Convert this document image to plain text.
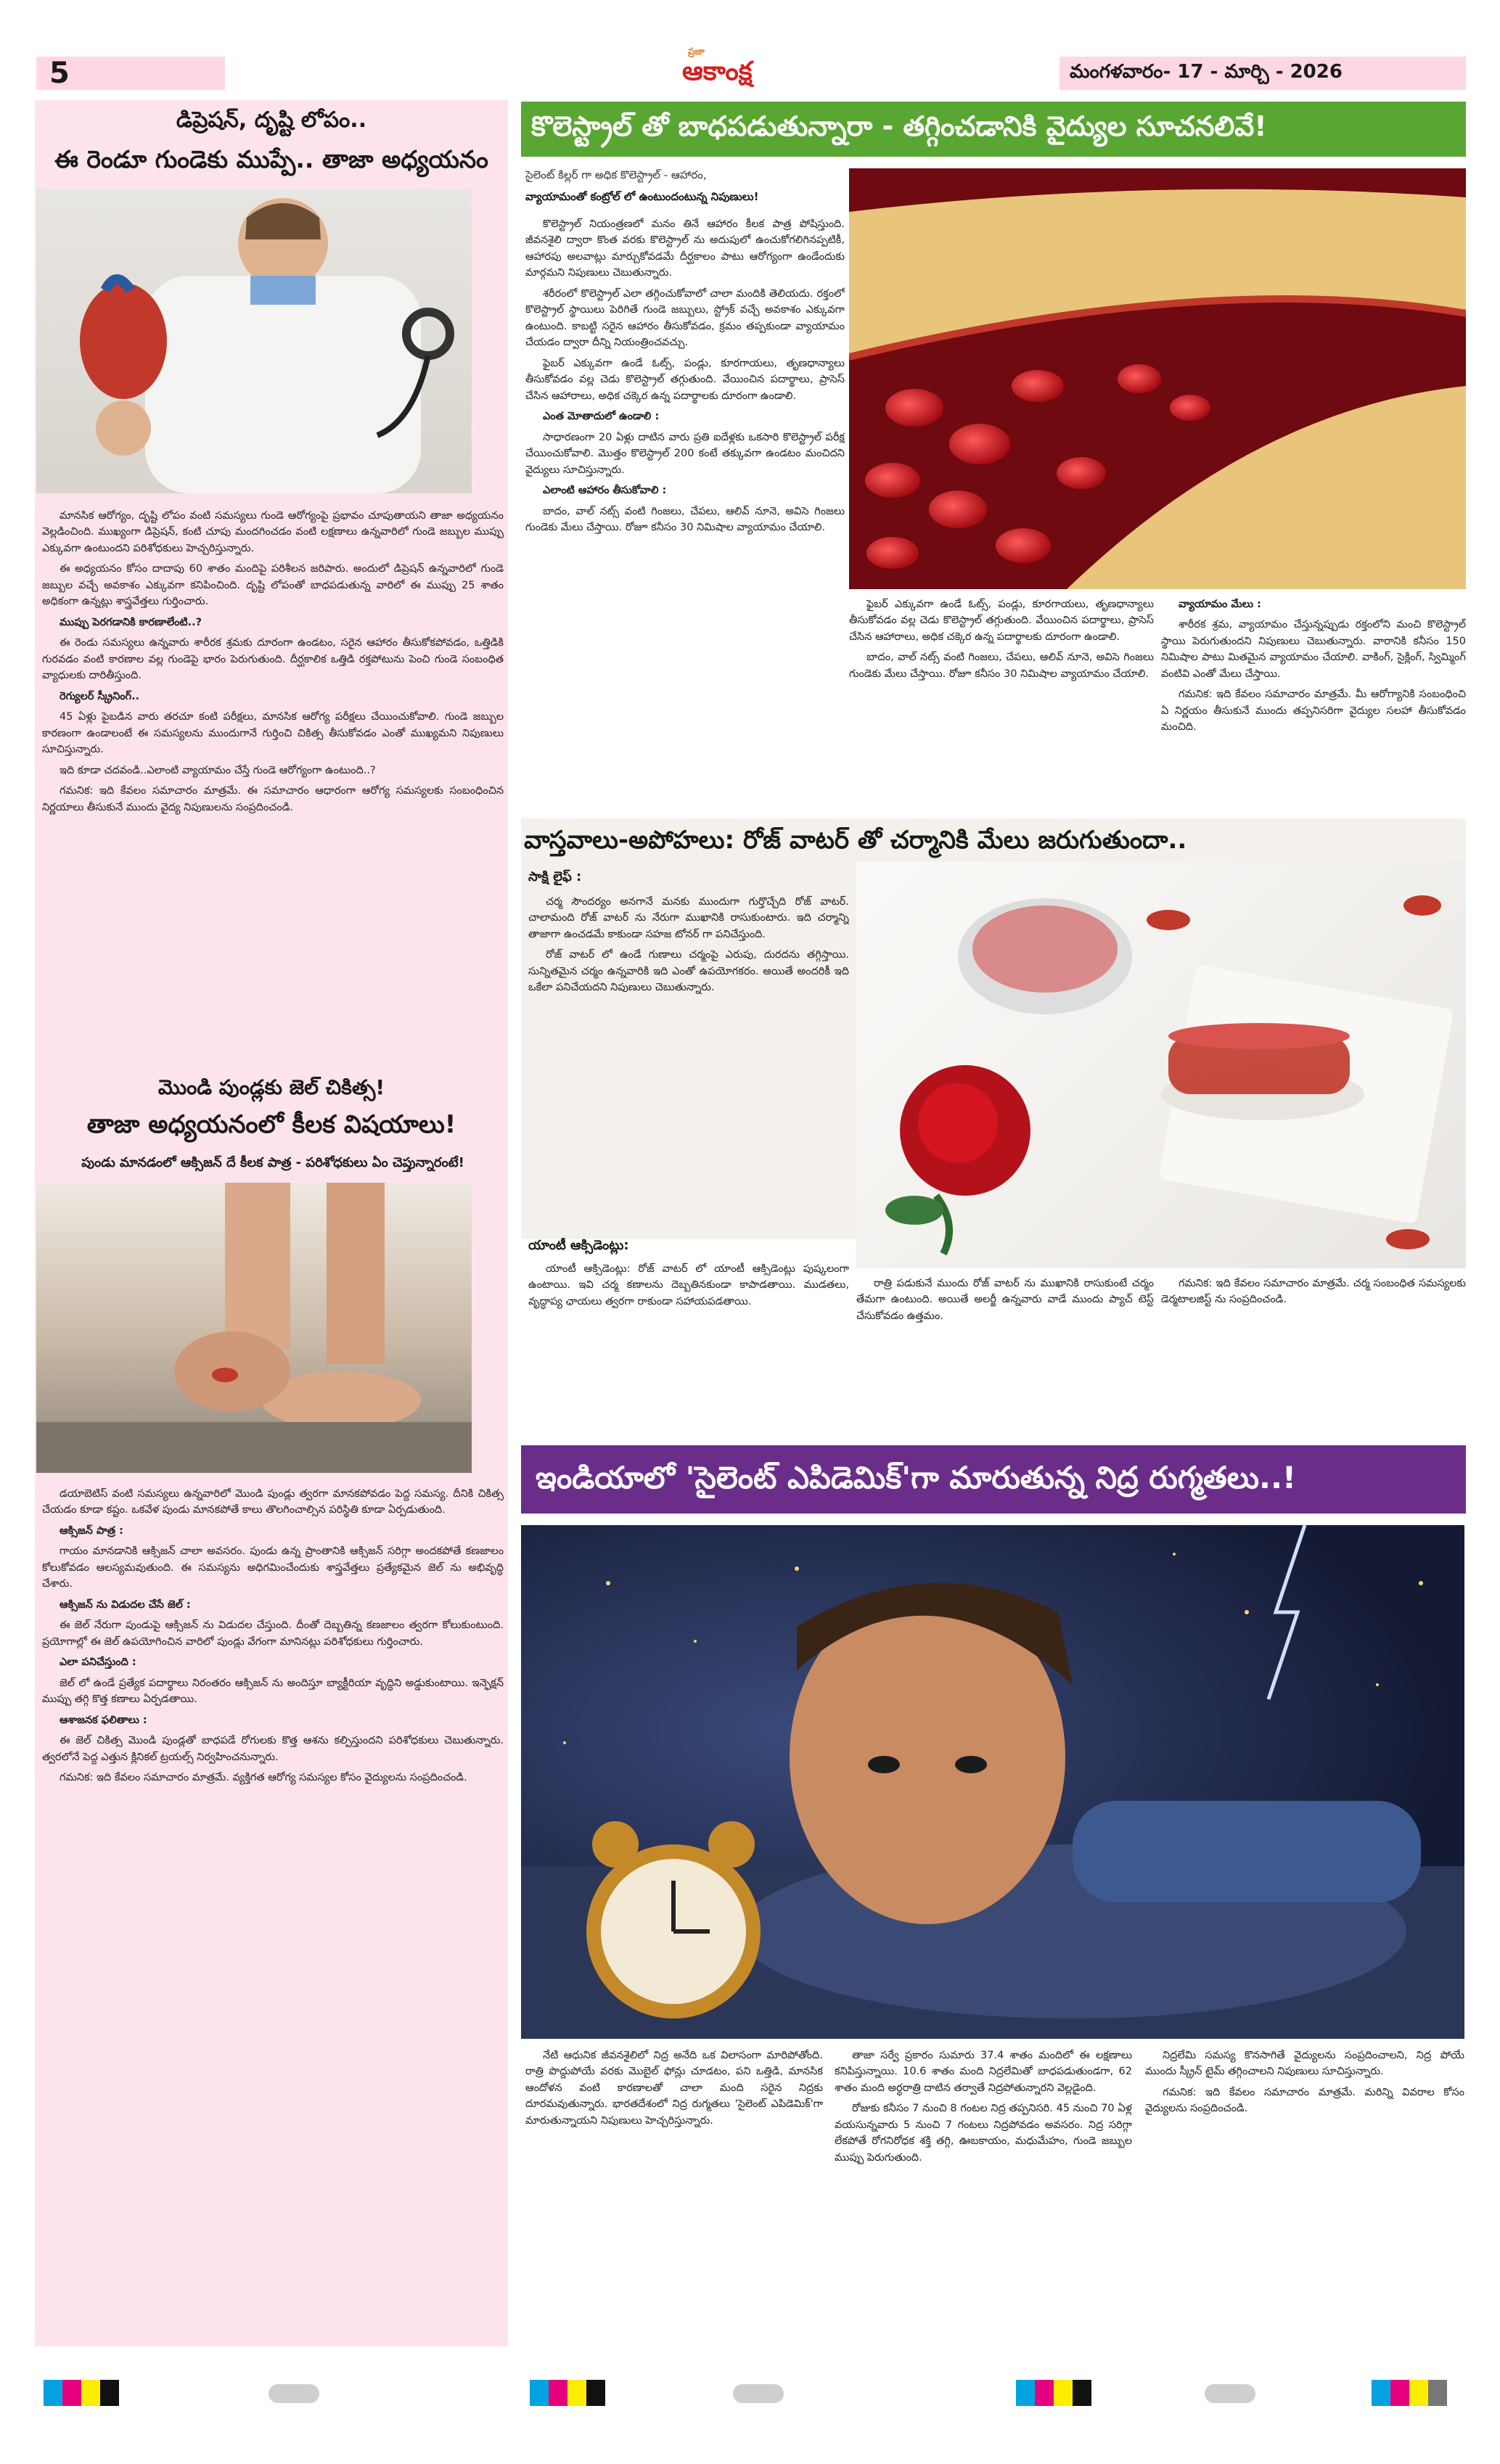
5
ప్రజా
ఆకాంక్ష	మంగళవారం- 17 - మార్చి - 2026
డిప్రెషన్, దృష్టి లోపం..
ఈ రెండూ గుండెకు ముప్పే.. తాజా అధ్యయనం

మానసిక ఆరోగ్యం, దృష్టి లోపం వంటి సమస్యలు గుండె ఆరోగ్యంపై ప్రభావం చూపుతాయని తాజా అధ్యయనం వెల్లడించింది. ముఖ్యంగా డిప్రెషన్, కంటి చూపు మందగించడం వంటి లక్షణాలు ఉన్నవారిలో గుండె జబ్బుల ముప్పు ఎక్కువగా ఉంటుందని పరిశోధకులు హెచ్చరిస్తున్నారు.

ఈ అధ్యయనం కోసం దాదాపు 60 శాతం మందిపై పరిశీలన జరిపారు. అందులో డిప్రెషన్ ఉన్నవారిలో గుండె జబ్బుల వచ్చే అవకాశం ఎక్కువగా కనిపించింది. దృష్టి లోపంతో బాధపడుతున్న వారిలో ఈ ముప్పు 25 శాతం అధికంగా ఉన్నట్లు శాస్త్రవేత్తలు గుర్తించారు.

ముప్పు పెరగడానికి కారణాలేంటి..?

ఈ రెండు సమస్యలు ఉన్నవారు శారీరక శ్రమకు దూరంగా ఉండటం, సరైన ఆహారం తీసుకోకపోవడం, ఒత్తిడికి గురవడం వంటి కారణాల వల్ల గుండెపై భారం పెరుగుతుంది. దీర్ఘకాలిక ఒత్తిడి రక్తపోటును పెంచి గుండె సంబంధిత వ్యాధులకు దారితీస్తుంది.

రెగ్యులర్ స్క్రీనింగ్..

45 ఏళ్లు పైబడిన వారు తరచూ కంటి పరీక్షలు, మానసిక ఆరోగ్య పరీక్షలు చేయించుకోవాలి. గుండె జబ్బుల కారణంగా ఉండాలంటే ఈ సమస్యలను ముందుగానే గుర్తించి చికిత్స తీసుకోవడం ఎంతో ముఖ్యమని నిపుణులు సూచిస్తున్నారు.

ఇది కూడా చదవండి..ఎలాంటి వ్యాయామం చేస్తే గుండె ఆరోగ్యంగా ఉంటుంది..?

గమనిక: ఇది కేవలం సమాచారం మాత్రమే. ఈ సమాచారం ఆధారంగా ఆరోగ్య సమస్యలకు సంబంధించిన నిర్ణయాలు తీసుకునే ముందు వైద్య నిపుణులను సంప్రదించండి.

మొండి పుండ్లకు జెల్ చికిత్స!
తాజా అధ్యయనంలో కీలక విషయాలు!
పుండు మానడంలో ఆక్సిజన్ దే కీలక పాత్ర - పరిశోధకులు ఏం చెప్తున్నారంటే!

డయాబెటిస్ వంటి సమస్యలు ఉన్నవారిలో మొండి పుండ్లు త్వరగా మానకపోవడం పెద్ద సమస్య. దీనికి చికిత్స చేయడం కూడా కష్టం. ఒకవేళ పుండు మానకపోతే కాలు తొలగించాల్సిన పరిస్థితి కూడా ఏర్పడుతుంది.

ఆక్సిజన్ పాత్ర :

గాయం మానడానికి ఆక్సిజన్ చాలా అవసరం. పుండు ఉన్న ప్రాంతానికి ఆక్సిజన్ సరిగ్గా అందకపోతే కణజాలం కోలుకోవడం ఆలస్యమవుతుంది. ఈ సమస్యను అధిగమించేందుకు శాస్త్రవేత్తలు ప్రత్యేకమైన జెల్ ను అభివృద్ధి చేశారు.

ఆక్సిజన్ ను విడుదల చేసే జెల్ :

ఈ జెల్ నేరుగా పుండుపై ఆక్సిజన్ ను విడుదల చేస్తుంది. దీంతో దెబ్బతిన్న కణజాలం త్వరగా కోలుకుంటుంది. ప్రయోగాల్లో ఈ జెల్ ఉపయోగించిన వారిలో పుండ్లు వేగంగా మానినట్లు పరిశోధకులు గుర్తించారు.

ఎలా పనిచేస్తుంది :

జెల్ లో ఉండే ప్రత్యేక పదార్థాలు నిరంతరం ఆక్సిజన్ ను అందిస్తూ బ్యాక్టీరియా వృద్ధిని అడ్డుకుంటాయి. ఇన్ఫెక్షన్ ముప్పు తగ్గి కొత్త కణాలు ఏర్పడతాయి.

ఆశాజనక ఫలితాలు :

ఈ జెల్ చికిత్స మొండి పుండ్లతో బాధపడే రోగులకు కొత్త ఆశను కల్పిస్తుందని పరిశోధకులు చెబుతున్నారు. త్వరలోనే పెద్ద ఎత్తున క్లినికల్ ట్రయల్స్ నిర్వహించనున్నారు.

గమనిక: ఇది కేవలం సమాచారం మాత్రమే. వ్యక్తిగత ఆరోగ్య సమస్యల కోసం వైద్యులను సంప్రదించండి.

కొలెస్ట్రాల్ తో బాధపడుతున్నారా - తగ్గించడానికి వైద్యుల సూచనలివే!
సైలెంట్ కిల్లర్ గా అధిక కొలెస్ట్రాల్ - ఆహారం,
వ్యాయామంతో కంట్రోల్ లో ఉంటుందంటున్న నిపుణులు!

కొలెస్ట్రాల్ నియంత్రణలో మనం తినే ఆహారం కీలక పాత్ర పోషిస్తుంది. జీవనశైలి ద్వారా కొంత వరకు కొలెస్ట్రాల్ ను అదుపులో ఉంచుకోగలిగినప్పటికీ, ఆహారపు అలవాట్లు మార్చుకోవడమే దీర్ఘకాలం పాటు ఆరోగ్యంగా ఉండేందుకు మార్గమని నిపుణులు చెబుతున్నారు.

శరీరంలో కొలెస్ట్రాల్ ఎలా తగ్గించుకోవాలో చాలా మందికి తెలియదు. రక్తంలో కొలెస్ట్రాల్ స్థాయిలు పెరిగితే గుండె జబ్బులు, స్ట్రోక్ వచ్చే అవకాశం ఎక్కువగా ఉంటుంది. కాబట్టి సరైన ఆహారం తీసుకోవడం, క్రమం తప్పకుండా వ్యాయామం చేయడం ద్వారా దీన్ని నియంత్రించవచ్చు.

ఫైబర్ ఎక్కువగా ఉండే ఓట్స్, పండ్లు, కూరగాయలు, తృణధాన్యాలు తీసుకోవడం వల్ల చెడు కొలెస్ట్రాల్ తగ్గుతుంది. వేయించిన పదార్థాలు, ప్రాసెస్ చేసిన ఆహారాలు, అధిక చక్కెర ఉన్న పదార్థాలకు దూరంగా ఉండాలి.

ఎంత మోతాదులో ఉండాలి :

సాధారణంగా 20 ఏళ్లు దాటిన వారు ప్రతి ఐదేళ్లకు ఒకసారి కొలెస్ట్రాల్ పరీక్ష చేయించుకోవాలి. మొత్తం కొలెస్ట్రాల్ 200 కంటే తక్కువగా ఉండటం మంచిదని వైద్యులు సూచిస్తున్నారు.

ఎలాంటి ఆహారం తీసుకోవాలి :

బాదం, వాల్ నట్స్ వంటి గింజలు, చేపలు, ఆలివ్ నూనె, అవిసె గింజలు గుండెకు మేలు చేస్తాయి. రోజూ కనీసం 30 నిమిషాల వ్యాయామం చేయాలి.

ఫైబర్ ఎక్కువగా ఉండే ఓట్స్, పండ్లు, కూరగాయలు, తృణధాన్యాలు తీసుకోవడం వల్ల చెడు కొలెస్ట్రాల్ తగ్గుతుంది. వేయించిన పదార్థాలు, ప్రాసెస్ చేసిన ఆహారాలు, అధిక చక్కెర ఉన్న పదార్థాలకు దూరంగా ఉండాలి.

బాదం, వాల్ నట్స్ వంటి గింజలు, చేపలు, ఆలివ్ నూనె, అవిసె గింజలు గుండెకు మేలు చేస్తాయి. రోజూ కనీసం 30 నిమిషాల వ్యాయామం చేయాలి.

వ్యాయామం మేలు :

శారీరక శ్రమ, వ్యాయామం చేస్తున్నప్పుడు రక్తంలోని మంచి కొలెస్ట్రాల్ స్థాయి పెరుగుతుందని నిపుణులు చెబుతున్నారు. వారానికి కనీసం 150 నిమిషాల పాటు మితమైన వ్యాయామం చేయాలి. వాకింగ్, సైక్లింగ్, స్విమ్మింగ్ వంటివి ఎంతో మేలు చేస్తాయి.

గమనిక: ఇది కేవలం సమాచారం మాత్రమే. మీ ఆరోగ్యానికి సంబంధించి ఏ నిర్ణయం తీసుకునే ముందు తప్పనిసరిగా వైద్యుల సలహా తీసుకోవడం మంచిది.

వాస్తవాలు-అపోహలు: రోజ్ వాటర్ తో చర్మానికి మేలు జరుగుతుందా..
సాక్షి లైఫ్ :

చర్మ సౌందర్యం అనగానే మనకు ముందుగా గుర్తొచ్చేది రోజ్ వాటర్. చాలామంది రోజ్ వాటర్ ను నేరుగా ముఖానికి రాసుకుంటారు. ఇది చర్మాన్ని తాజాగా ఉంచడమే కాకుండా సహజ టోనర్ గా పనిచేస్తుంది.

రోజ్ వాటర్ లో ఉండే గుణాలు చర్మంపై ఎరుపు, దురదను తగ్గిస్తాయి. సున్నితమైన చర్మం ఉన్నవారికి ఇది ఎంతో ఉపయోగకరం. అయితే అందరికీ ఇది ఒకేలా పనిచేయదని నిపుణులు చెబుతున్నారు.

యాంటీ ఆక్సిడెంట్లు:

యాంటీ ఆక్సిడెంట్లు: రోజ్ వాటర్ లో యాంటీ ఆక్సిడెంట్లు పుష్కలంగా ఉంటాయి. ఇవి చర్మ కణాలను దెబ్బతినకుండా కాపాడతాయి. ముడతలు, వృద్ధాప్య ఛాయలు త్వరగా రాకుండా సహాయపడతాయి.

రాత్రి పడుకునే ముందు రోజ్ వాటర్ ను ముఖానికి రాసుకుంటే చర్మం తేమగా ఉంటుంది. అయితే అలర్జీ ఉన్నవారు వాడే ముందు ప్యాచ్ టెస్ట్ చేసుకోవడం ఉత్తమం.

గమనిక: ఇది కేవలం సమాచారం మాత్రమే. చర్మ సంబంధిత సమస్యలకు డెర్మటాలజిస్ట్ ను సంప్రదించండి.

ఇండియాలో 'సైలెంట్ ఎపిడెమిక్'గా మారుతున్న నిద్ర రుగ్మతలు..!

నేటి ఆధునిక జీవనశైలిలో నిద్ర అనేది ఒక విలాసంగా మారిపోతోంది. రాత్రి పొద్దుపోయే వరకు మొబైల్ ఫోన్లు చూడటం, పని ఒత్తిడి, మానసిక ఆందోళన వంటి కారణాలతో చాలా మంది సరైన నిద్రకు దూరమవుతున్నారు. భారతదేశంలో నిద్ర రుగ్మతలు 'సైలెంట్ ఎపిడెమిక్'గా మారుతున్నాయని నిపుణులు హెచ్చరిస్తున్నారు.

తాజా సర్వే ప్రకారం సుమారు 37.4 శాతం మందిలో ఈ లక్షణాలు కనిపిస్తున్నాయి. 10.6 శాతం మంది నిద్రలేమితో బాధపడుతుండగా, 62 శాతం మంది అర్ధరాత్రి దాటిన తర్వాతే నిద్రపోతున్నారని వెల్లడైంది.

రోజుకు కనీసం 7 నుంచి 8 గంటల నిద్ర తప్పనిసరి. 45 నుంచి 70 ఏళ్ల వయసున్నవారు 5 నుంచి 7 గంటలు నిద్రపోవడం అవసరం. నిద్ర సరిగ్గా లేకపోతే రోగనిరోధక శక్తి తగ్గి, ఊబకాయం, మధుమేహం, గుండె జబ్బుల ముప్పు పెరుగుతుంది.

నిద్రలేమి సమస్య కొనసాగితే వైద్యులను సంప్రదించాలని, నిద్ర పోయే ముందు స్క్రీన్ టైమ్ తగ్గించాలని నిపుణులు సూచిస్తున్నారు.

గమనిక: ఇది కేవలం సమాచారం మాత్రమే. మరిన్ని వివరాల కోసం వైద్యులను సంప్రదించండి.
